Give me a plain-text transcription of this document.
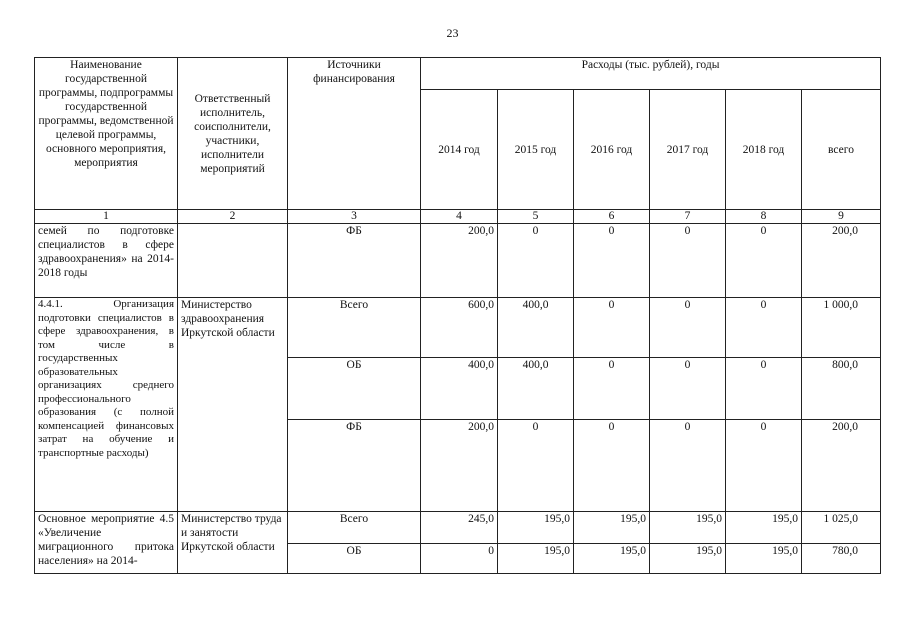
23
Наименование государственной программы, подпрограммы государственной программы, ведомственной целевой программы, основного мероприятия, мероприятия	Ответственный исполнитель, соисполнители, участники, исполнители мероприятий	Источники финансирования	Расходы (тыс. рублей), годы					
			2014 год	2015 год	2016 год	2017 год	2018 год	всего
1	2	3	4	5	6	7	8	9
семей по подготовке специалистов в сфере здравоохранения» на 2014-2018 годы		ФБ	200,0	0	0	0	0	200,0
4.4.1. Организация подготовки специалистов в сфере здравоохранения, в том числе в государственных образовательных организациях среднего профессионального образования (с полной компенсацией финансовых затрат на обучение и транспортные расходы)	Министерство здравоохранения Иркутской области	Всего	600,0	400,0	0	0	0	1 000,0
		ОБ	400,0	400,0	0	0	0	800,0
		ФБ	200,0	0	0	0	0	200,0
Основное мероприятие 4.5 «Увеличение миграционного притока населения» на 2014-	Министерство труда и занятости Иркутской области	Всего	245,0	195,0	195,0	195,0	195,0	1 025,0
		ОБ	0	195,0	195,0	195,0	195,0	780,0
